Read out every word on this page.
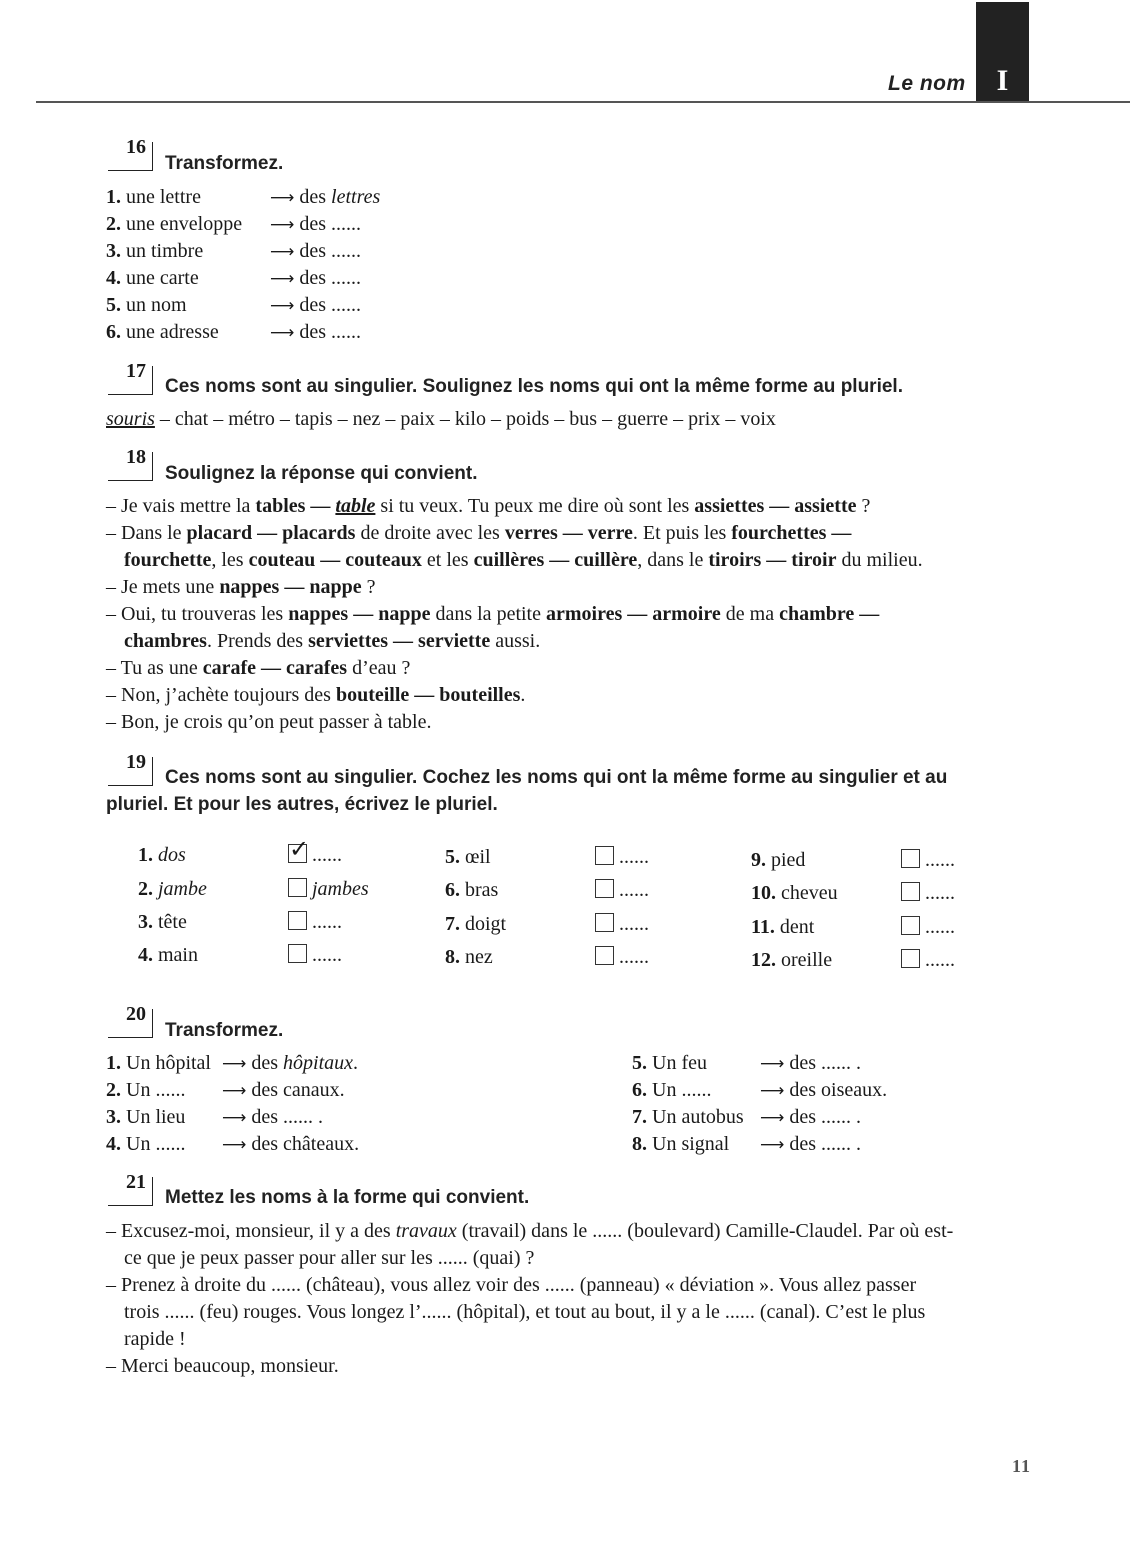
Le nom	I
16
Transformez.
1. une lettre	⟶ des lettres
2. une enveloppe ⟶ des ......
3. un timbre	⟶ des ......
4. une carte	⟶ des ......
5. un nom	⟶ des ......
6. une adresse	⟶ des ......
17
Ces noms sont au singulier. Soulignez les noms qui ont la même forme au pluriel.
souris – chat – métro – tapis – nez – paix – kilo – poids – bus – guerre – prix – voix
18
Soulignez la réponse qui convient.
– Je vais mettre la tables — table si tu veux. Tu peux me dire où sont les assiettes — assiette ?
– Dans le placard — placards de droite avec les verres — verre. Et puis les fourchettes —
fourchette, les couteau — couteaux et les cuillères — cuillère, dans le tiroirs — tiroir du milieu.
– Je mets une nappes — nappe ?
– Oui, tu trouveras les nappes — nappe dans la petite armoires — armoire de ma chambre —
chambres. Prends des serviettes — serviette aussi.
– Tu as une carafe — carafes d’eau ?
– Non, j’achète toujours des bouteille — bouteilles.
– Bon, je crois qu’on peut passer à table.
19
Ces noms sont au singulier. Cochez les noms qui ont la même forme au singulier et au
pluriel. Et pour les autres, écrivez le pluriel.
1. dos
✓	......
2. jambe	jambes
3. tête	......
4. main	......
5. œil	......
6. bras	......
7. doigt	......
8. nez	......
9. pied	......
10. cheveu	......
11. dent	......
12. oreille	......
20
Transformez.
1. Un hôpital ⟶ des hôpitaux.
2. Un ...... ⟶ des canaux.
3. Un lieu ⟶ des ...... .
4. Un ...... ⟶ des châteaux.
5. Un feu	⟶ des ...... .
6. Un ......	⟶ des oiseaux.
7. Un autobus ⟶ des ...... .
8. Un signal ⟶ des ...... .
21
Mettez les noms à la forme qui convient.
– Excusez-moi, monsieur, il y a des travaux (travail) dans le ...... (boulevard) Camille-Claudel. Par où est-
ce que je peux passer pour aller sur les ...... (quai) ?
– Prenez à droite du ...... (château), vous allez voir des ...... (panneau) « déviation ». Vous allez passer
trois ...... (feu) rouges. Vous longez l’...... (hôpital), et tout au bout, il y a le ...... (canal). C’est le plus
rapide !
– Merci beaucoup, monsieur.
11
